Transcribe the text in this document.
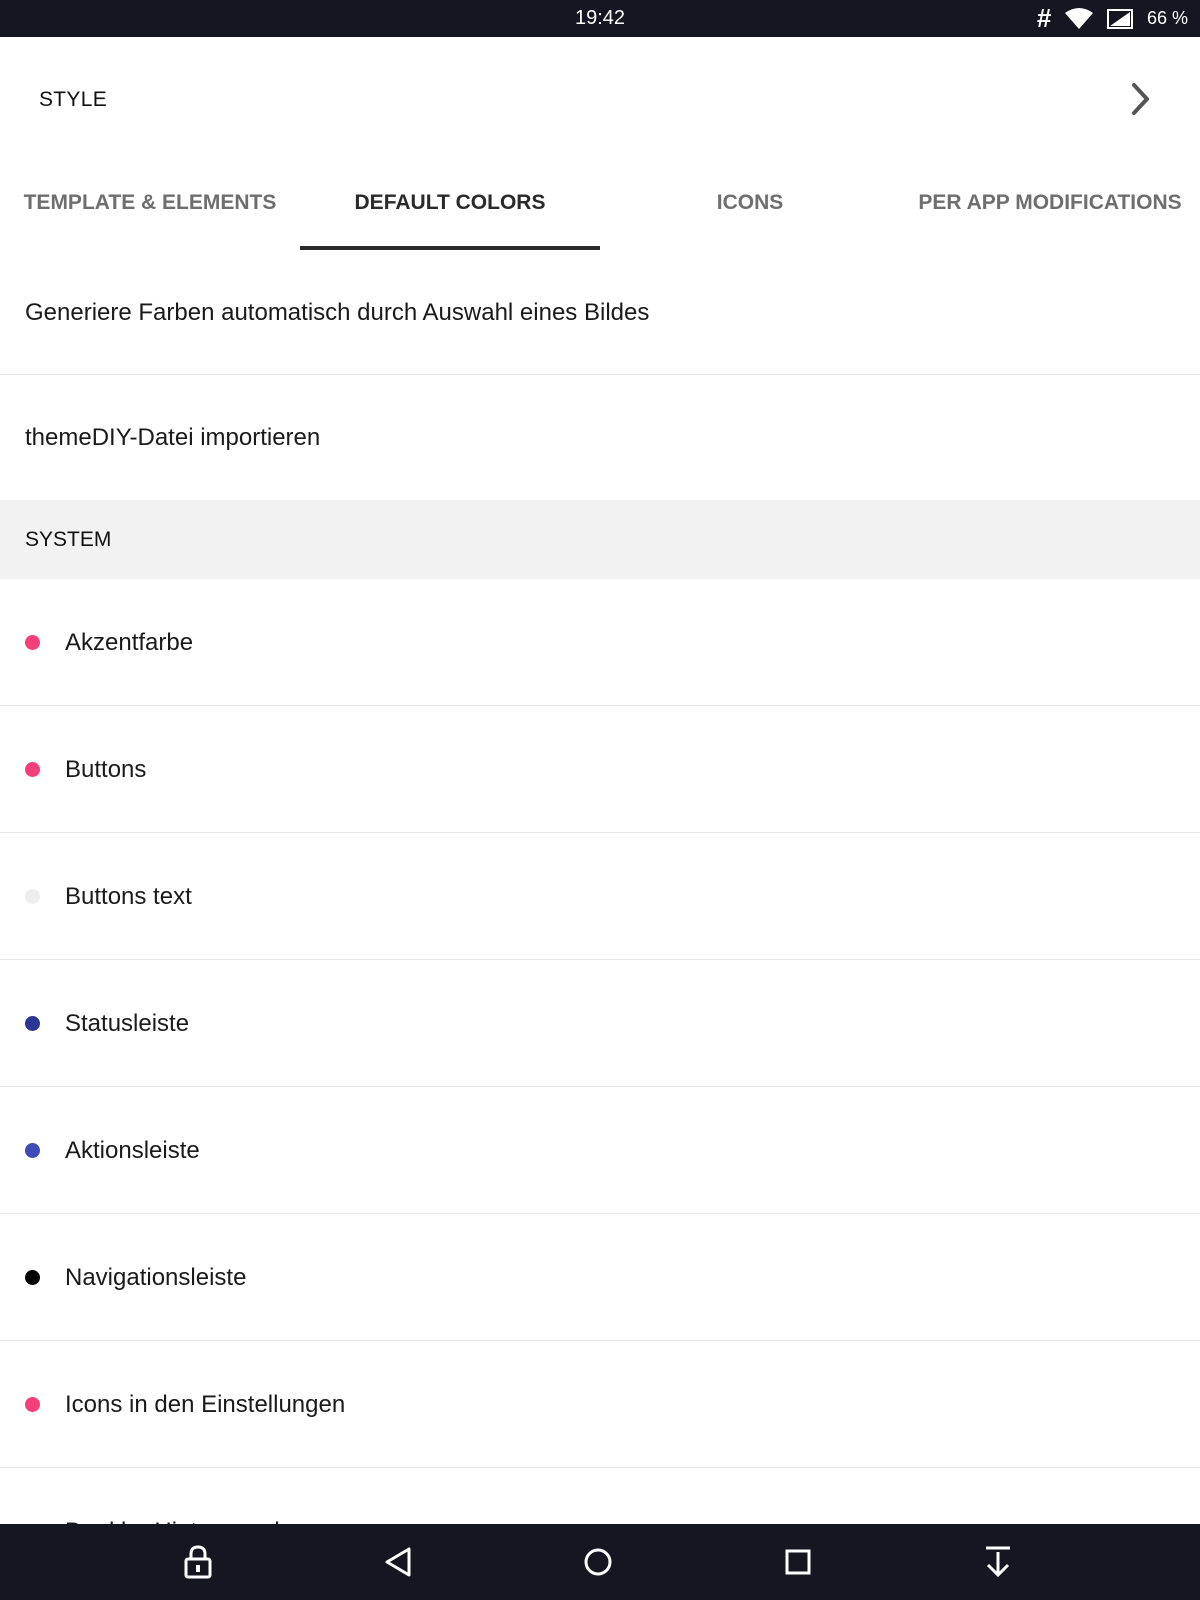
19:42	#	66 %
STYLE
TEMPLATE & ELEMENTS	DEFAULT COLORS	ICONS	PER APP MODIFICATIONS
Generiere Farben automatisch durch Auswahl eines Bildes
themeDIY-Datei importieren
SYSTEM
Akzentfarbe
Buttons
Buttons text
Statusleiste
Aktionsleiste
Navigationsleiste
Icons in den Einstellungen
